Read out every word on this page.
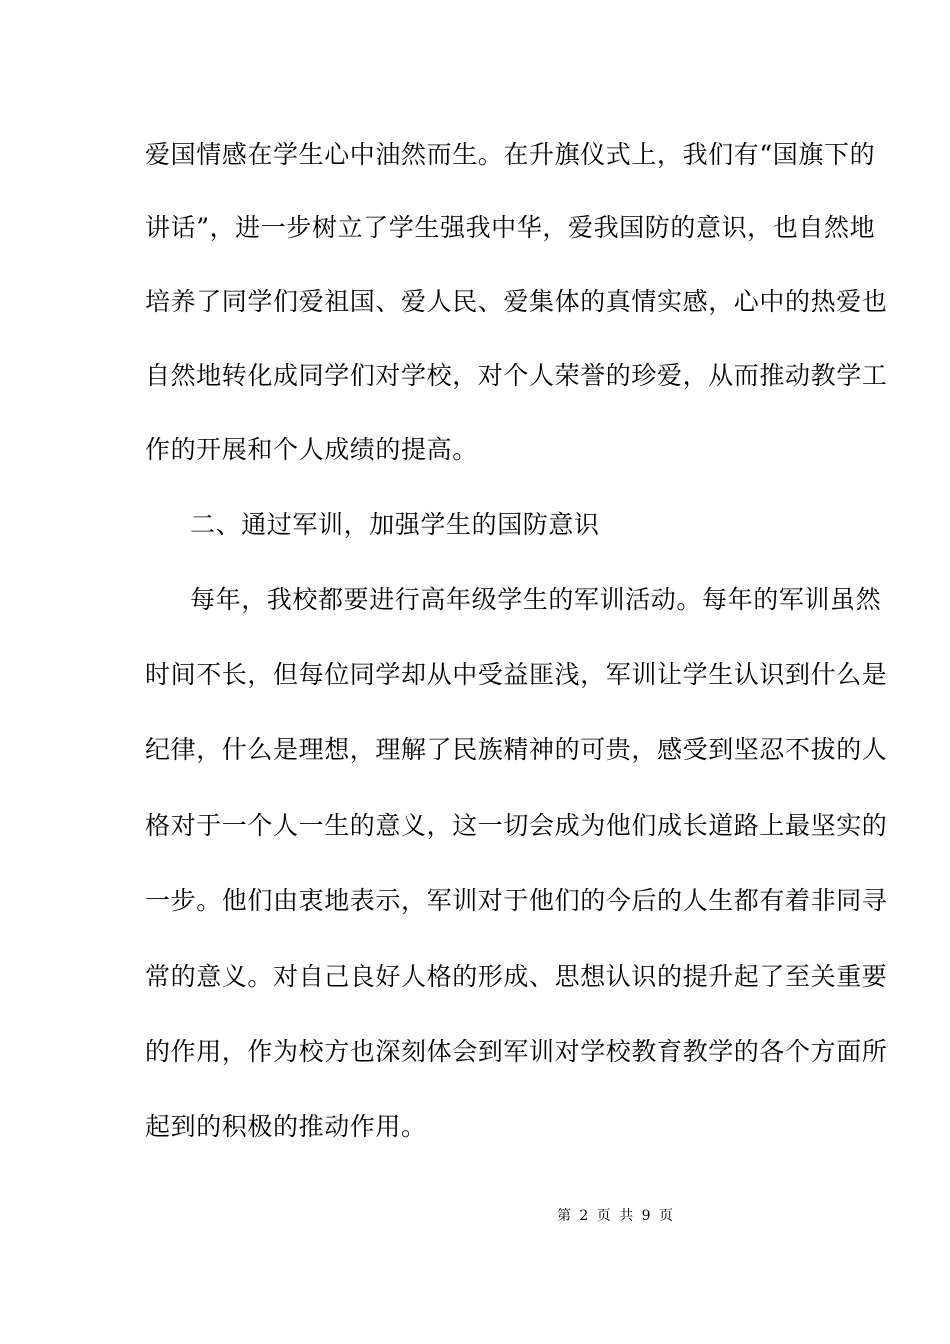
爱国情感在学生心中油然而生。在升旗仪式上，我们有“国旗下的
讲话”，进一步树立了学生强我中华，爱我国防的意识，也自然地
培养了同学们爱祖国、爱人民、爱集体的真情实感，心中的热爱也
自然地转化成同学们对学校，对个人荣誉的珍爱，从而推动教学工
作的开展和个人成绩的提高。
二、通过军训，加强学生的国防意识
每年，我校都要进行高年级学生的军训活动。每年的军训虽然
时间不长，但每位同学却从中受益匪浅，军训让学生认识到什么是
纪律，什么是理想，理解了民族精神的可贵，感受到坚忍不拔的人
格对于一个人一生的意义，这一切会成为他们成长道路上最坚实的
一步。他们由衷地表示，军训对于他们的今后的人生都有着非同寻
常的意义。对自己良好人格的形成、思想认识的提升起了至关重要
的作用，作为校方也深刻体会到军训对学校教育教学的各个方面所
起到的积极的推动作用。
第 2 页 共 9 页
